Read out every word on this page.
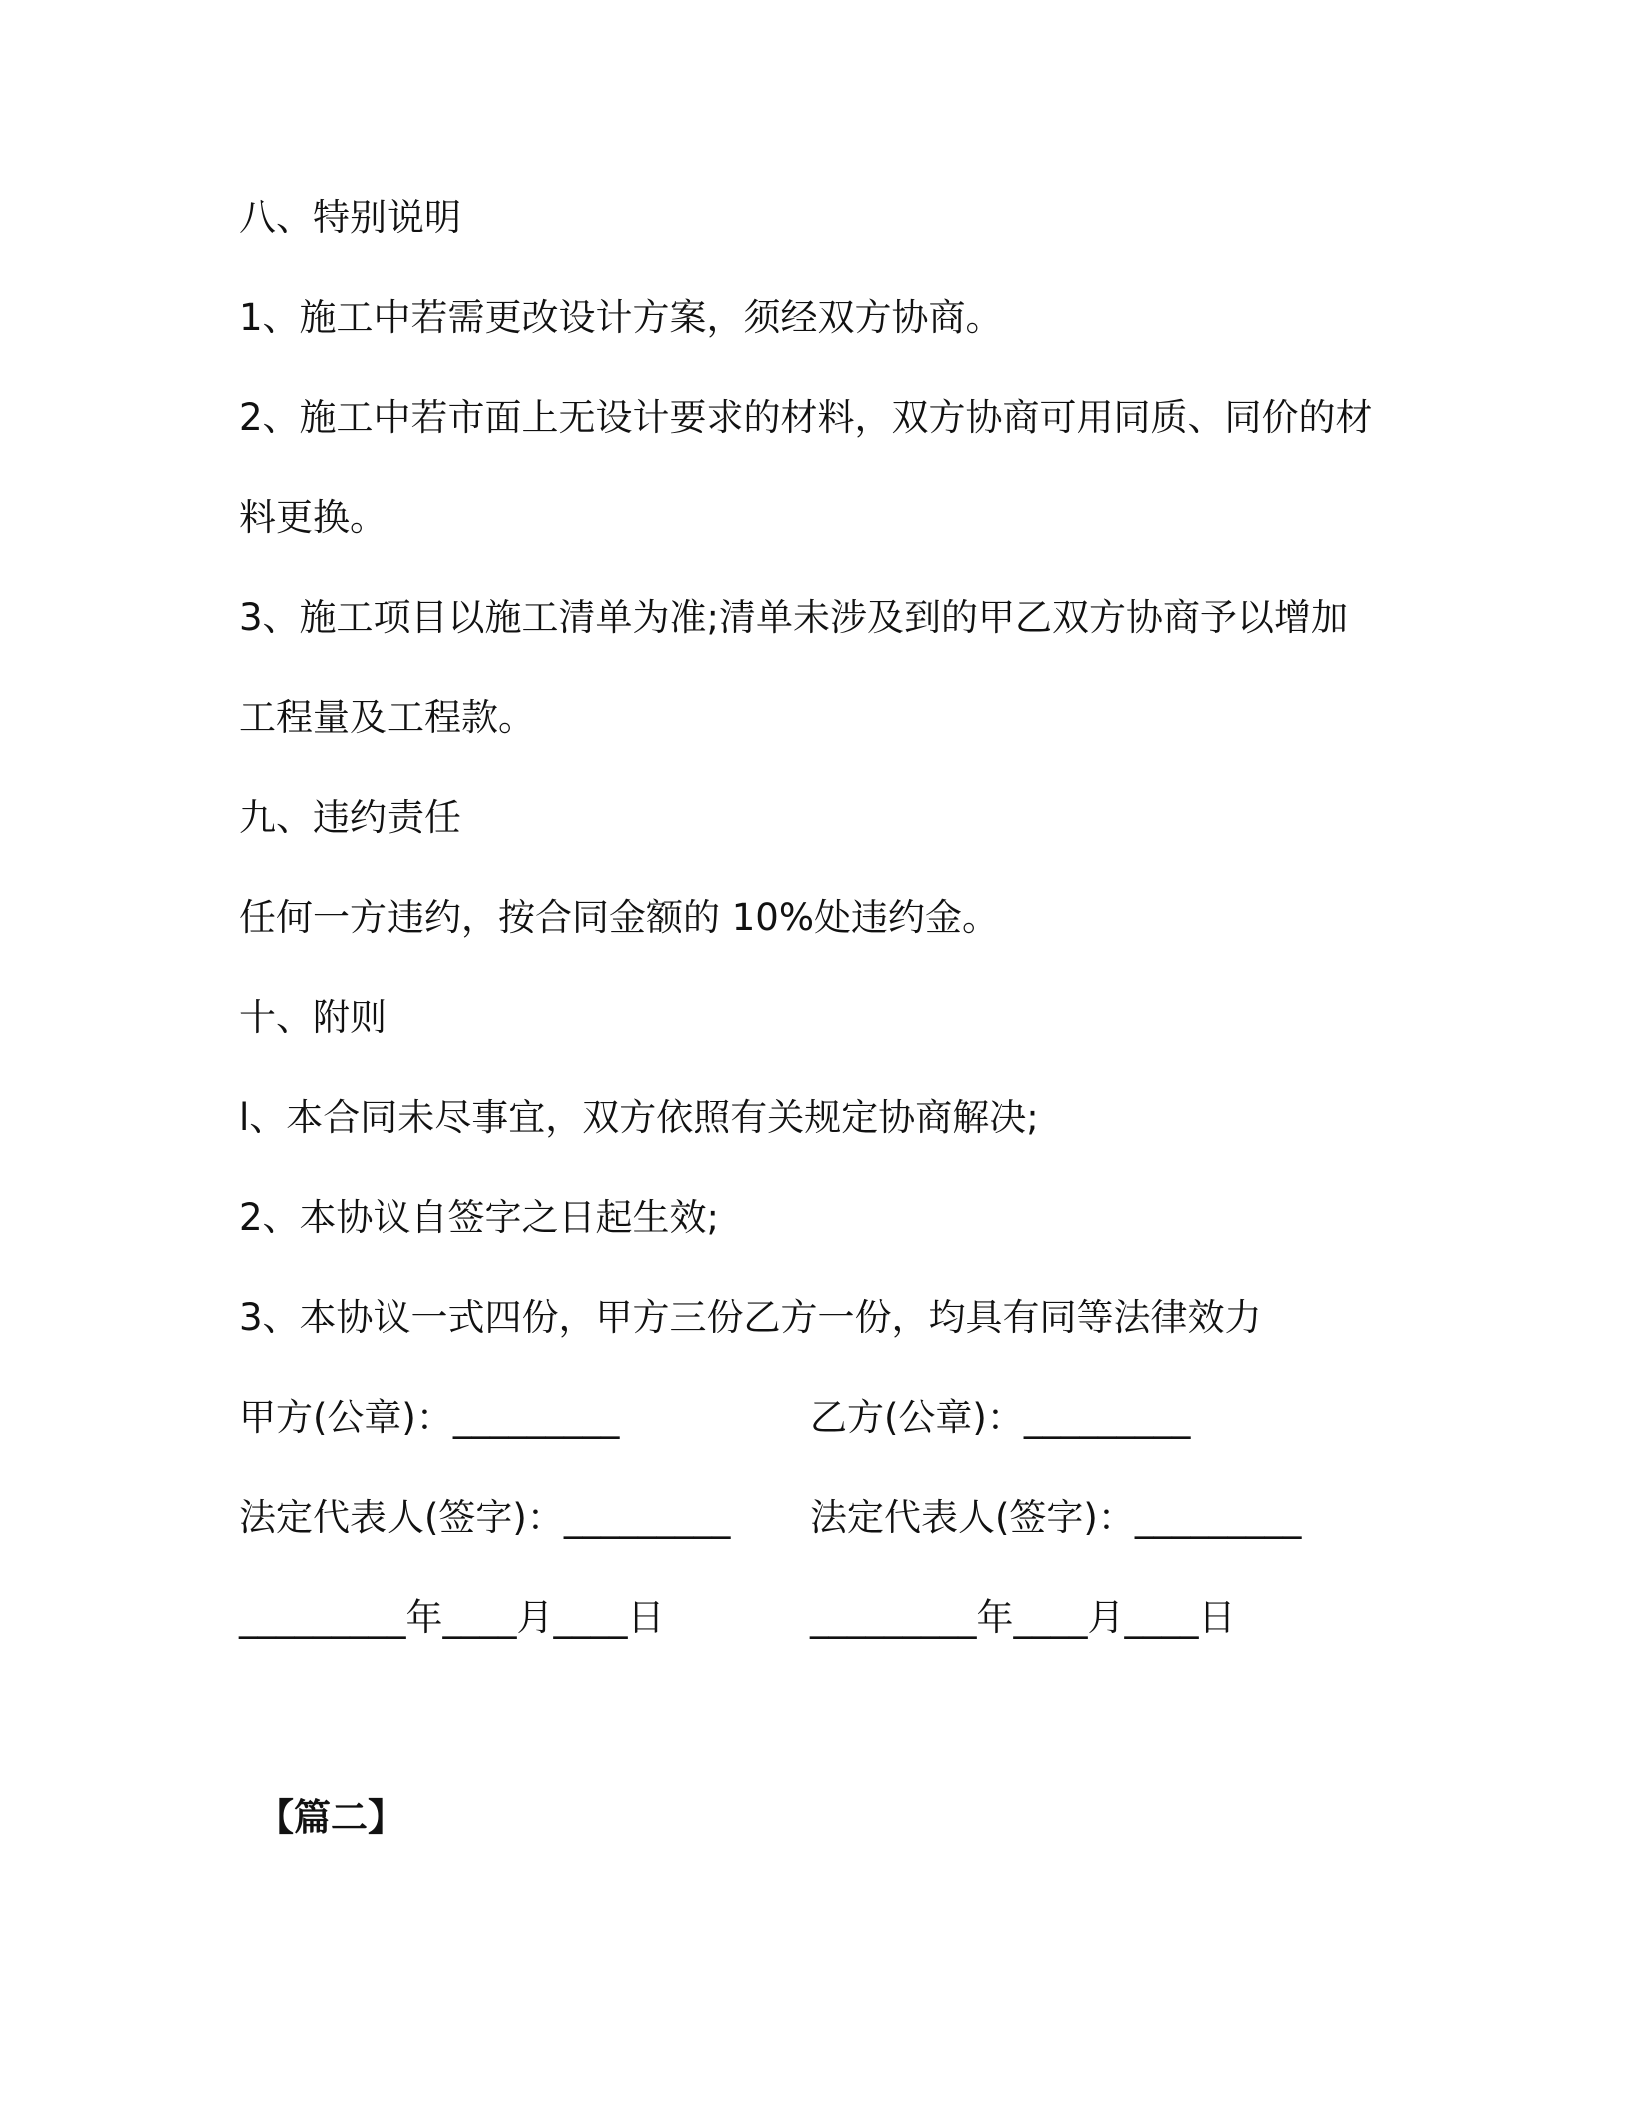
八、特别说明
1、施工中若需更改设计方案，须经双方协商。
2、施工中若市面上无设计要求的材料，双方协商可用同质、同价的材
料更换。
3、施工项目以施工清单为准;清单未涉及到的甲乙双方协商予以增加
工程量及工程款。
九、违约责任
任何一方违约，按合同金额的 10%处违约金。
十、附则
l、本合同未尽事宜，双方依照有关规定协商解决;
2、本协议自签字之日起生效;
3、本协议一式四份，甲方三份乙方一份，均具有同等法律效力
甲方(公章)：_________	乙方(公章)：_________
法定代表人(签字)：_________ 法定代表人(签字)：_________
_________年____月____日	_________年____月____日
【篇二】
